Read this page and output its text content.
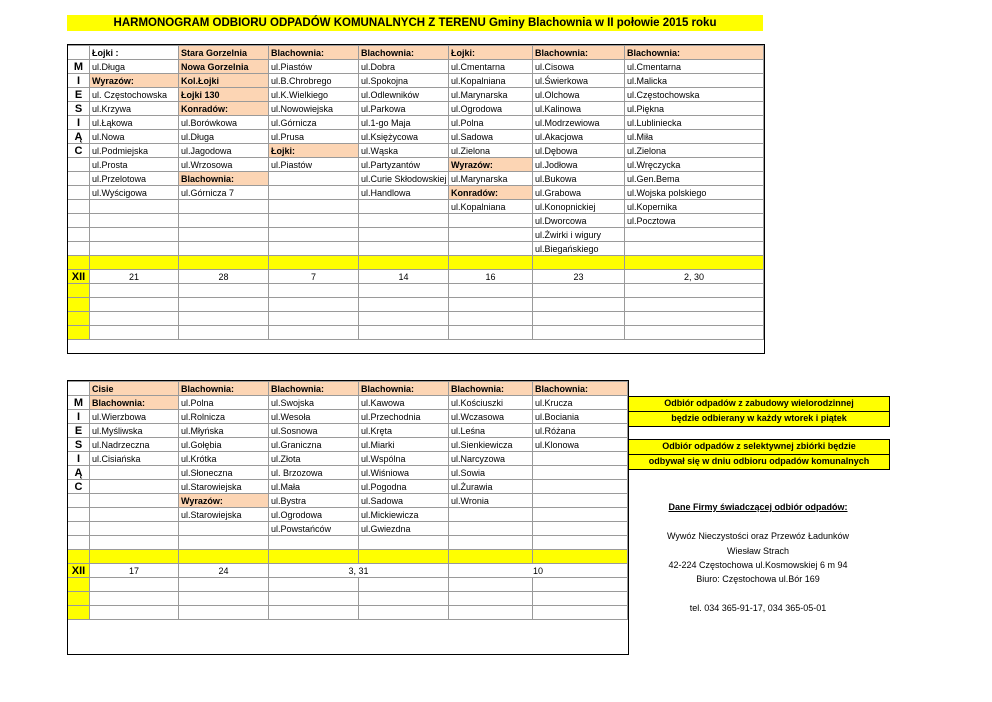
HARMONOGRAM ODBIORU ODPADÓW KOMUNALNYCH Z TERENU Gminy Blachownia w II połowie 2015 roku
	Łojki :	Stara Gorzelnia	Blachownia:	Blachownia:	Łojki:	Blachownia:	Blachownia:
M	ul.Długa	Nowa Gorzelnia	ul.Piastów	ul.Dobra	ul.Cmentarna	ul.Cisowa	ul.Cmentarna
I	Wyrazów:	Kol.Łojki	ul.B.Chrobrego	ul.Spokojna	ul.Kopalniana	ul.Świerkowa	ul.Malicka
E	ul. Częstochowska	Łojki 130	ul.K.Wielkiego	ul.Odlewników	ul.Marynarska	ul.Olchowa	ul.Częstochowska
S	ul.Krzywa	Konradów:	ul.Nowowiejska	ul.Parkowa	ul.Ogrodowa	ul.Kalinowa	ul.Piękna
I	ul.Łąkowa	ul.Borówkowa	ul.Górnicza	ul.1-go Maja	ul.Polna	ul.Modrzewiowa	ul.Lubliniecka
Ą	ul.Nowa	ul.Długa	ul.Prusa	ul.Księżycowa	ul.Sadowa	ul.Akacjowa	ul.Miła
C	ul.Podmiejska	ul.Jagodowa	Łojki:	ul.Wąska	ul.Zielona	ul.Dębowa	ul.Zielona
	ul.Prosta	ul.Wrzosowa	ul.Piastów	ul.Partyzantów	Wyrazów:	ul.Jodłowa	ul.Wręczycka
	ul.Przelotowa	Blachownia:		ul.Curie Skłodowskiej	ul.Marynarska	ul.Bukowa	ul.Gen.Bema
	ul.Wyścigowa	ul.Górnicza 7		ul.Handlowa	Konradów:	ul.Grabowa	ul.Wojska polskiego
					ul.Kopalniana	ul.Konopnickiej	ul.Kopernika
						ul.Dworcowa	ul.Pocztowa
						ul.Żwirki i wigury	
						ul.Biegańskiego	

XII	21	28	7	14	16	23	2, 30

	Cisie	Blachownia:	Blachownia:	Blachownia:	Blachownia:	Blachownia:
M	Blachownia:	ul.Polna	ul.Swojska	ul.Kawowa	ul.Kościuszki	ul.Krucza
I	ul.Wierzbowa	ul.Rolnicza	ul.Wesoła	ul.Przechodnia	ul.Wczasowa	ul.Bociania
E	ul.Myśliwska	ul.Młyńska	ul.Sosnowa	ul.Kręta	ul.Leśna	ul.Różana
S	ul.Nadrzeczna	ul.Gołębia	ul.Graniczna	ul.Miarki	ul.Sienkiewicza	ul.Klonowa
I	ul.Cisiańska	ul.Krótka	ul.Złota	ul.Wspólna	ul.Narcyzowa	
Ą		ul.Słoneczna	ul. Brzozowa	ul.Wiśniowa	ul.Sowia	
C		ul.Starowiejska	ul.Mała	ul.Pogodna	ul.Żurawia	
		Wyrazów:	ul.Bystra	ul.Sadowa	ul.Wronia	
		ul.Starowiejska	ul.Ogrodowa	ul.Mickiewicza		
			ul.Powstańców	ul.Gwiezdna		

XII	17	24	3, 31		10	

Odbiór odpadów z zabudowy wielorodzinnej
będzie odbierany w każdy wtorek i piątek
Odbiór odpadów z selektywnej zbiórki będzie
odbywał się w dniu odbioru odpadów komunalnych
Dane Firmy świadczącej odbiór odpadów:
Wywóz Nieczystości oraz Przewóz Ładunków
Wiesław Strach
42-224 Częstochowa ul.Kosmowskiej 6 m 94
Biuro: Częstochowa ul.Bór 169
tel. 034 365-91-17, 034 365-05-01
